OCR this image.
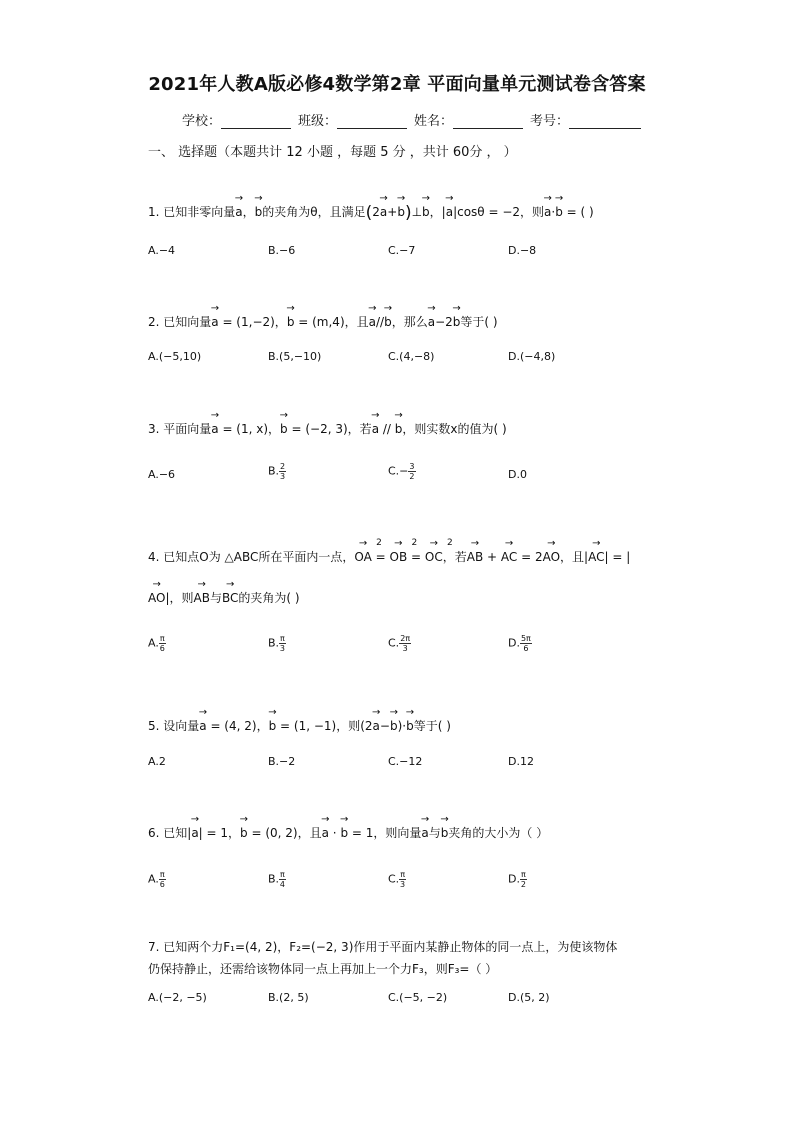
2021年人教A版必修4数学第2章 平面向量单元测试卷含答案
学校：	班级：	姓名：	考号：
一、 选择题（本题共计 12 小题 ，每题 5 分 ，共计 60分 ， ）
1. 已知非零向量→ a，→ b的夹角为θ，且满足(2→ a+→ b)⊥→ b，|→ a|cosθ = −2，则→ a·→ b = ( )
A.−4	B.−6	C.−7	D.−8
2. 已知向量→ a = (1,−2)，→ b = (m,4)，且→ a//→ b，那么→ a−2→ b等于( )
A.(−5,10)	B.(5,−10)	C.(4,−8)	D.(−4,8)
3. 平面向量→ a = (1, x)，→ b = (−2, 3)，若→ a // → b，则实数x的值为( )
A.−6	B. $\frac{2}{3}$	$C.- \frac{3}{2}$	D.0
4. 已知点O为 △ABC所在平面内一点，→ OA 2 = → OB 2 = → OC 2，若→ AB + → AC = 2→ AO，且|→ AC| = |
→ AO|，则→ AB与→ BC的夹角为( )
A. $\frac{\pi}{6}$	B. $\frac{\pi}{3}$	C. $\frac{2\pi}{3}$	D. $\frac{5\pi}{6}$
5. 设向量→ a = (4, 2)，→ b = (1, −1)，则(2→ a−→ b)·→ b等于( )
A.2	B.−2	C.−12	D.12
6. 已知|→ a| = 1，→ b = (0, 2)，且→ a · → b = 1，则向量→ a与→ b夹角的大小为（ ）
A. $\frac{\pi}{6}$	B. $\frac{\pi}{4}$	C. $\frac{\pi}{3}$	D. $\frac{\pi}{2}$
7. 已知两个力F₁=(4, 2)，F₂=(−2, 3)作用于平面内某静止物体的同一点上，为使该物体
仍保持静止，还需给该物体同一点上再加上一个力F₃，则F₃=（ ）
A.(−2, −5)	B.(2, 5)	C.(−5, −2)	D.(5, 2)
